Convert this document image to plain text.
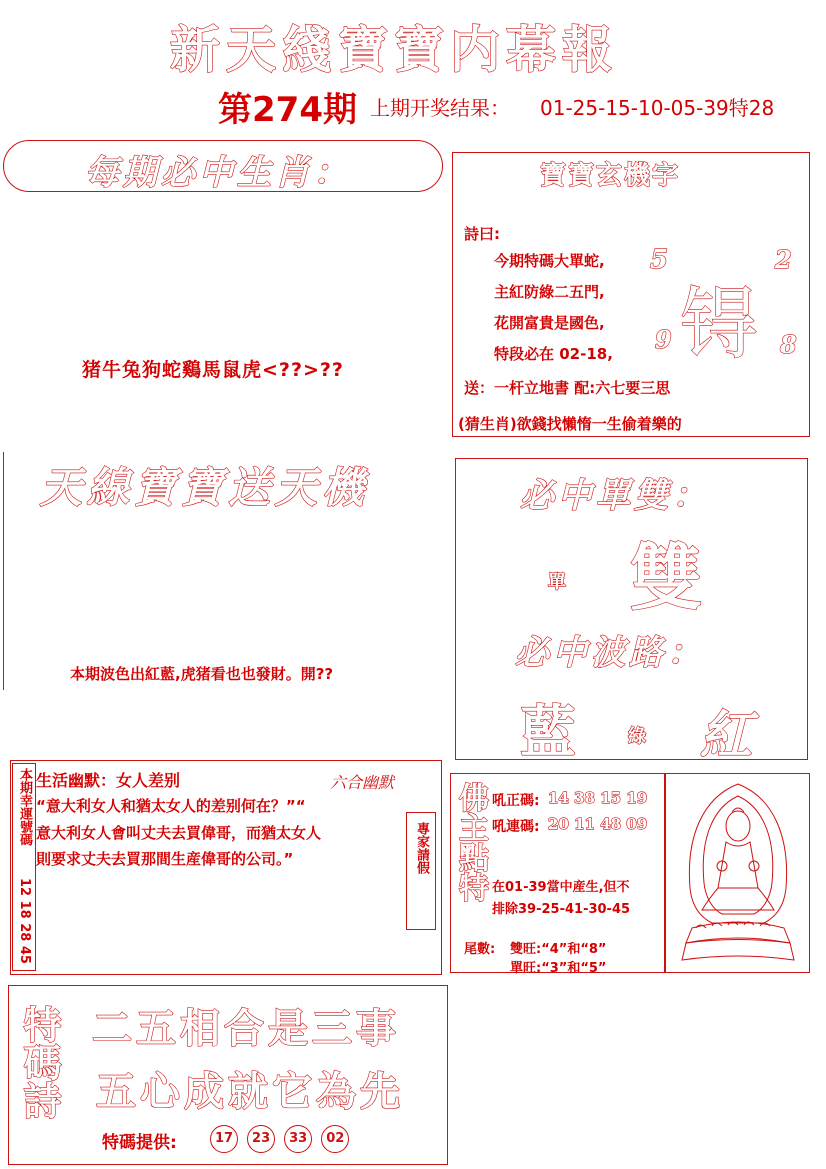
新天綫寶寶内幕報
第274期 上期开奖结果： 01-25-15-10-05-39特28
每期必中生肖：
猪牛兔狗蛇鷄馬鼠虎<??>??
寶寶玄機字
詩曰:
今期特碼大單蛇,
主紅防綠二五門,
花開富貴是國色,
特段必在 02-18,
5	2
9	8
锝
送：一杆立地書 配:六七要三思
(猜生肖)欲錢找懶惰一生偷着樂的
天線寶寶送天機
本期波色出紅藍,虎猪看也也發財。開??
必中單雙：
單 雙
必中波路：
藍	綠 紅
本期幸運號碼
12 18 28 45
生活幽默：女人差别	六合幽默
“意大利女人和猶太女人的差别何在？”“
意大利女人會叫丈夫去買偉哥，而猶太女人
則要求丈夫去買那間生産偉哥的公司。”	專家請假 佛主點特 吼正碼: 14 38 15 19
吼連碼: 20 11 48 09
在01-39當中産生,但不
排除39-25-41-30-45
尾數: 雙旺:“4”和“8”
單旺:“3”和“5”
特碼詩 二五相合是三事
五心成就它為先
特碼提供:	17 23 33 02
